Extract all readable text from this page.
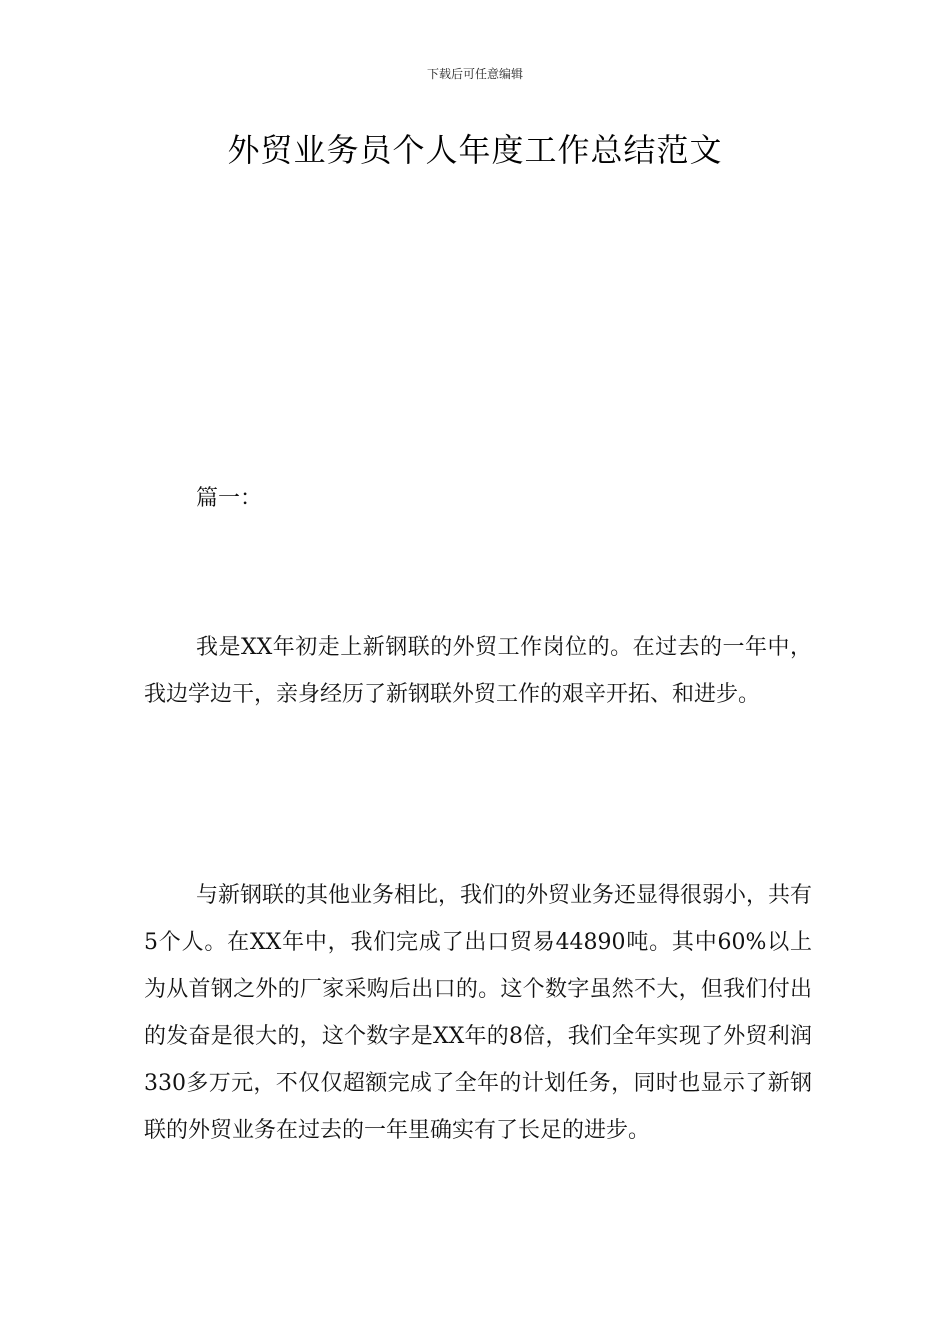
下载后可任意编辑
外贸业务员个人年度工作总结范文
篇一：

我是XX年初走上新钢联的外贸工作岗位的。在过去的一年中，我边学边干，亲身经历了新钢联外贸工作的艰辛开拓、和进步。

与新钢联的其他业务相比，我们的外贸业务还显得很弱小，共有5个人。在XX年中，我们完成了出口贸易44890吨。其中60%以上为从首钢之外的厂家采购后出口的。这个数字虽然不大，但我们付出的发奋是很大的，这个数字是XX年的8倍，我们全年实现了外贸利润330多万元，不仅仅超额完成了全年的计划任务，同时也显示了新钢联的外贸业务在过去的一年里确实有了长足的进步。
